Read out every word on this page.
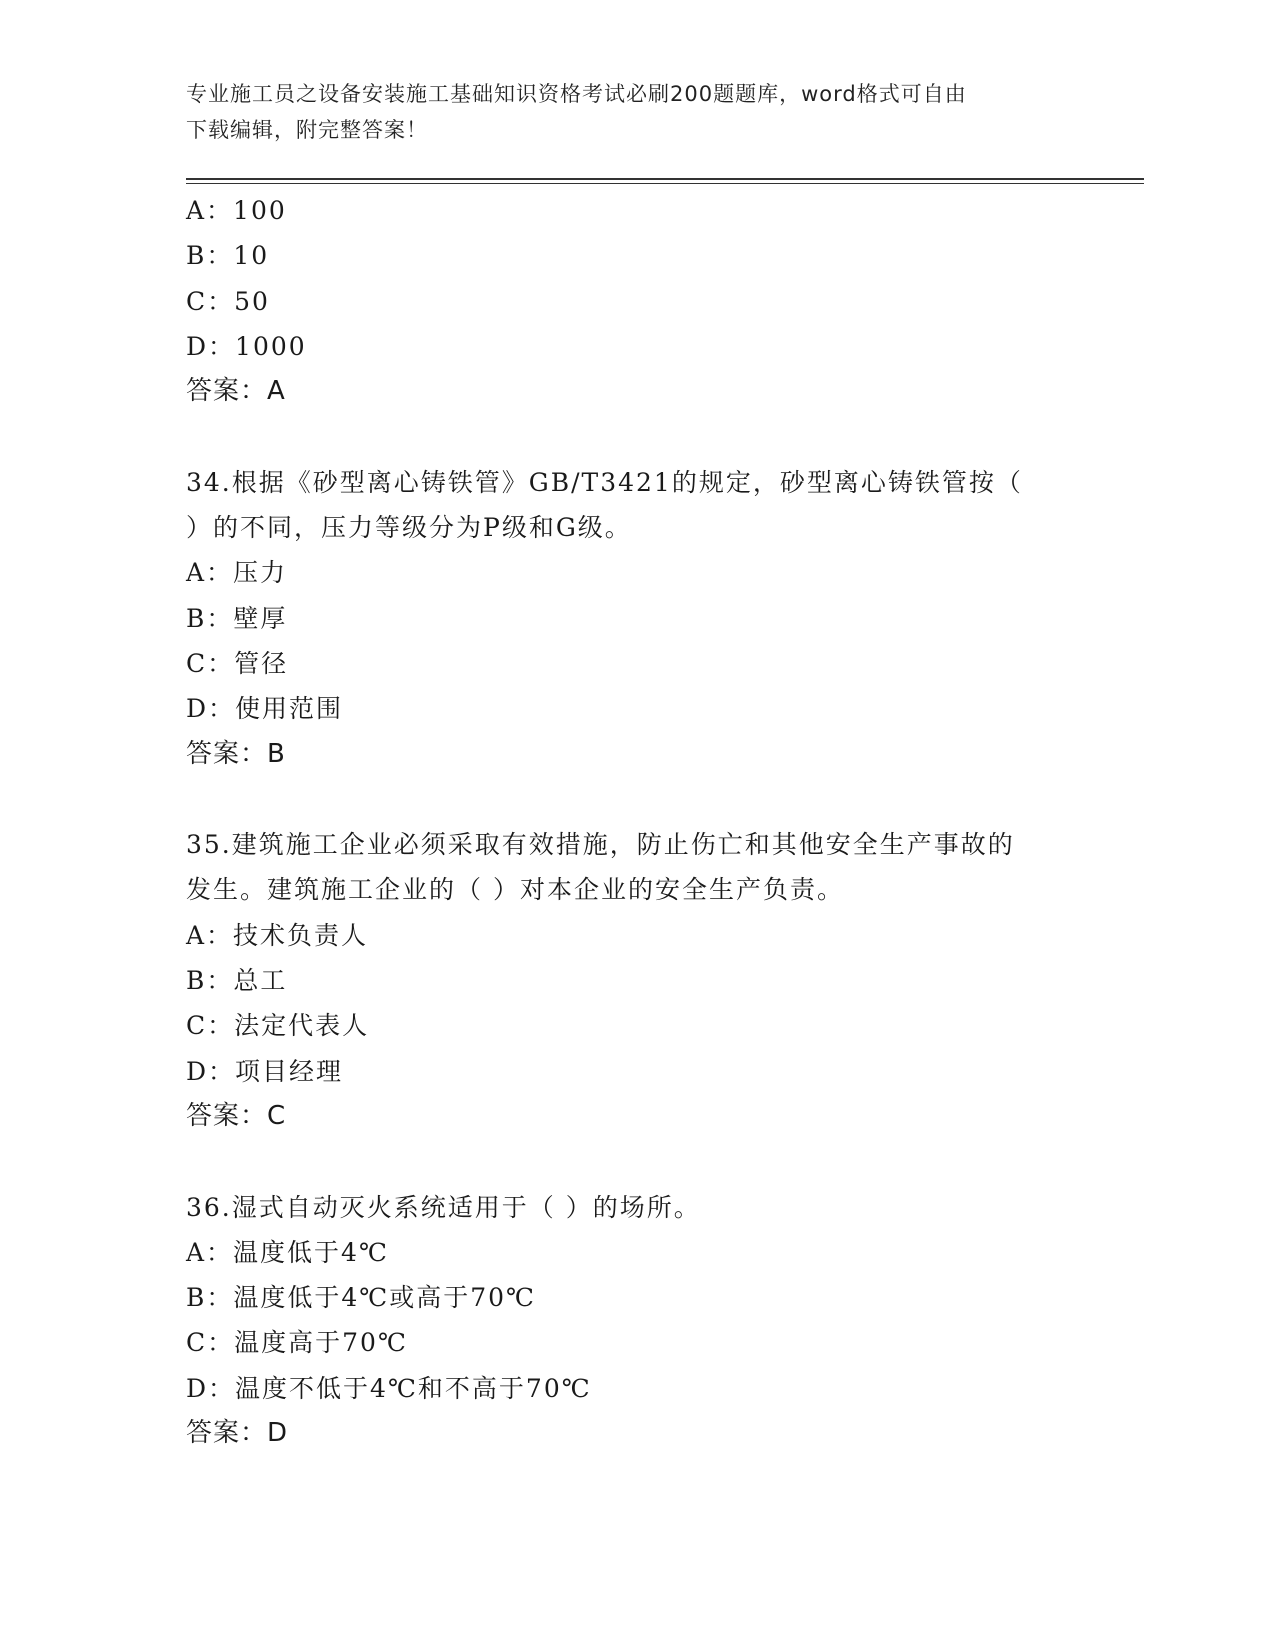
专业施工员之设备安装施工基础知识资格考试必刷200题题库，word格式可自由
下载编辑，附完整答案！
A：100
B：10
C：50
D：1000
答案：A
34.根据《砂型离心铸铁管》GB/T3421的规定，砂型离心铸铁管按（
）的不同，压力等级分为P级和G级。
A：压力
B：壁厚
C：管径
D：使用范围
答案：B
35.建筑施工企业必须采取有效措施，防止伤亡和其他安全生产事故的
发生。建筑施工企业的（ ）对本企业的安全生产负责。
A：技术负责人
B：总工
C：法定代表人
D：项目经理
答案：C
36.湿式自动灭火系统适用于（ ）的场所。
A：温度低于4℃
B：温度低于4℃或高于70℃
C：温度高于70℃
D：温度不低于4℃和不高于70℃
答案：D
